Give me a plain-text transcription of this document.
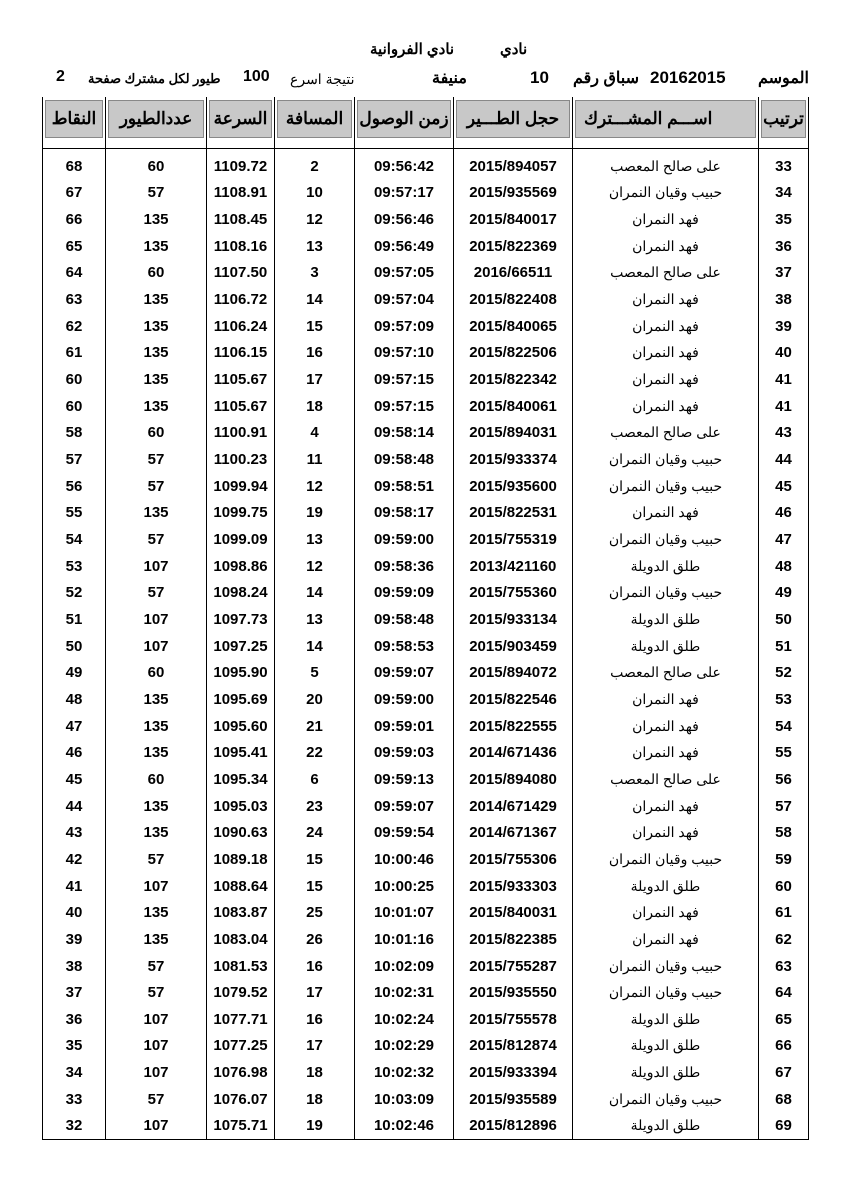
نادي
نادي الفروانية
الموسم
20162015
سباق رقم
10
منيفة
نتيجة اسرع
100
طيور لكل مشترك صفحة
2
ترتيب	اســـم المشـــترك	حجل الطـــير	زمن الوصول	المسافة	السرعة	عددالطيور	النقاط

33	على صالح المعصب	2015/894057	09:56:42	2	1109.72	60	68
34	حبيب وقيان النمران	2015/935569	09:57:17	10	1108.91	57	67
35	فهد النمران	2015/840017	09:56:46	12	1108.45	135	66
36	فهد النمران	2015/822369	09:56:49	13	1108.16	135	65
37	على صالح المعصب	2016/66511	09:57:05	3	1107.50	60	64
38	فهد النمران	2015/822408	09:57:04	14	1106.72	135	63
39	فهد النمران	2015/840065	09:57:09	15	1106.24	135	62
40	فهد النمران	2015/822506	09:57:10	16	1106.15	135	61
41	فهد النمران	2015/822342	09:57:15	17	1105.67	135	60
41	فهد النمران	2015/840061	09:57:15	18	1105.67	135	60
43	على صالح المعصب	2015/894031	09:58:14	4	1100.91	60	58
44	حبيب وقيان النمران	2015/933374	09:58:48	11	1100.23	57	57
45	حبيب وقيان النمران	2015/935600	09:58:51	12	1099.94	57	56
46	فهد النمران	2015/822531	09:58:17	19	1099.75	135	55
47	حبيب وقيان النمران	2015/755319	09:59:00	13	1099.09	57	54
48	طلق الدويلة	2013/421160	09:58:36	12	1098.86	107	53
49	حبيب وقيان النمران	2015/755360	09:59:09	14	1098.24	57	52
50	طلق الدويلة	2015/933134	09:58:48	13	1097.73	107	51
51	طلق الدويلة	2015/903459	09:58:53	14	1097.25	107	50
52	على صالح المعصب	2015/894072	09:59:07	5	1095.90	60	49
53	فهد النمران	2015/822546	09:59:00	20	1095.69	135	48
54	فهد النمران	2015/822555	09:59:01	21	1095.60	135	47
55	فهد النمران	2014/671436	09:59:03	22	1095.41	135	46
56	على صالح المعصب	2015/894080	09:59:13	6	1095.34	60	45
57	فهد النمران	2014/671429	09:59:07	23	1095.03	135	44
58	فهد النمران	2014/671367	09:59:54	24	1090.63	135	43
59	حبيب وقيان النمران	2015/755306	10:00:46	15	1089.18	57	42
60	طلق الدويلة	2015/933303	10:00:25	15	1088.64	107	41
61	فهد النمران	2015/840031	10:01:07	25	1083.87	135	40
62	فهد النمران	2015/822385	10:01:16	26	1083.04	135	39
63	حبيب وقيان النمران	2015/755287	10:02:09	16	1081.53	57	38
64	حبيب وقيان النمران	2015/935550	10:02:31	17	1079.52	57	37
65	طلق الدويلة	2015/755578	10:02:24	16	1077.71	107	36
66	طلق الدويلة	2015/812874	10:02:29	17	1077.25	107	35
67	طلق الدويلة	2015/933394	10:02:32	18	1076.98	107	34
68	حبيب وقيان النمران	2015/935589	10:03:09	18	1076.07	57	33
69	طلق الدويلة	2015/812896	10:02:46	19	1075.71	107	32
